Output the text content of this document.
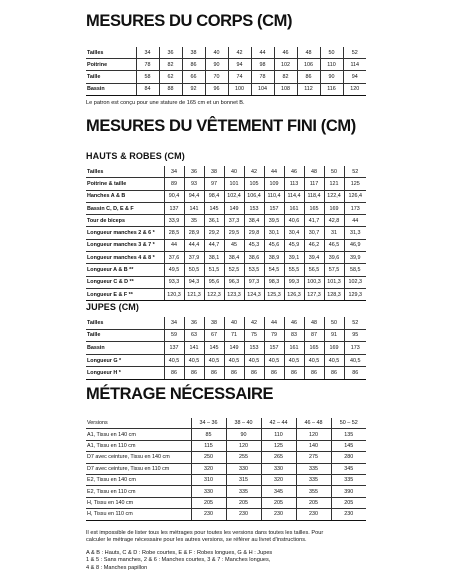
MESURES DU CORPS (CM)
Tailles	34	36	38	40	42	44	46	48	50	52
Poitrine	78	82	86	90	94	98	102	106	110	114
Taille	58	62	66	70	74	78	82	86	90	94
Bassin	84	88	92	96	100	104	108	112	116	120
Le patron est conçu pour une stature de 165 cm et un bonnet B.
MESURES DU VÊTEMENT FINI (CM)
HAUTS & ROBES (CM)
Tailles	34	36	38	40	42	44	46	48	50	52
Poitrine & taille	89	93	97	101	105	109	113	117	121	125
Hanches A & B	90,4	94,4	98,4	102,4	106,4	110,4	114,4	118,4	122,4	126,4
Bassin C, D, E & F	137	141	145	149	153	157	161	165	169	173
Tour de biceps	33,9	35	36,1	37,3	38,4	39,5	40,6	41,7	42,8	44
Longueur manches 2 & 6 *	28,5	28,9	29,2	29,5	29,8	30,1	30,4	30,7	31	31,3
Longueur manches 3 & 7 *	44	44,4	44,7	45	45,3	45,6	45,9	46,2	46,5	46,9
Longueur manches 4 & 8 *	37,6	37,9	38,1	38,4	38,6	38,9	39,1	39,4	39,6	39,9
Longueur A & B **	49,5	50,5	51,5	52,5	53,5	54,5	55,5	56,5	57,5	58,5
Longueur C & D **	93,3	94,3	95,6	96,3	97,3	98,3	99,3	100,3	101,3	102,3
Longueur E & F **	120,3	121,3	122,3	123,3	124,3	125,3	126,3	127,3	128,3	129,3
JUPES (CM)
Tailles	34	36	38	40	42	44	46	48	50	52
Taille	59	63	67	71	75	79	83	87	91	95
Bassin	137	141	145	149	153	157	161	165	169	173
Longueur G *	40,5	40,5	40,5	40,5	40,5	40,5	40,5	40,5	40,5	40,5
Longueur H *	86	86	86	86	86	86	86	86	86	86
MÉTRAGE NÉCESSAIRE
Versions	34 – 36	38 – 40	42 – 44	46 – 48	50 – 52
A1, Tissu en 140 cm	85	90	110	120	135
A1, Tissu en 110 cm	115	120	125	140	145
D7 avec ceinture, Tissu en 140 cm	250	255	265	275	280
D7 avec ceinture, Tissu en 110 cm	320	330	330	335	345
E2, Tissu en 140 cm	310	315	320	335	335
E2, Tissu en 110 cm	330	335	345	355	390
H, Tissu en 140 cm	205	205	205	205	205
H, Tissu en 110 cm	230	230	230	230	230
Il est impossible de lister tous les métrages pour toutes les versions dans toutes les tailles. Pour
calculer le métrage nécessaire pour les autres versions, se référer au livret d'instructions.
A & B : Hauts, C & D : Robe courtes, E & F : Robes longues, G & H : Jupes
1 & 5 : Sans manches, 2 & 6 : Manches courtes, 3 & 7 : Manches longues,
4 & 8 : Manches papillon
